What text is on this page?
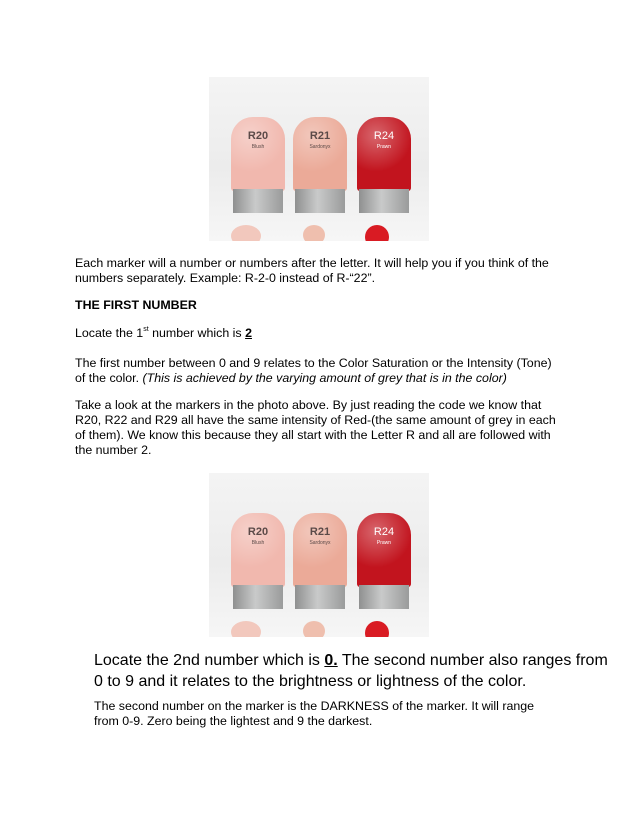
R20
Blush
R21
Sardonyx
R24
Prawn
Each marker will a number or numbers after the letter. It will help you if you think of the
numbers separately. Example: R-2-0 instead of R-“22”.
THE FIRST NUMBER
Locate the 1st number which is 2
The first number between 0 and 9 relates to the Color Saturation or the Intensity (Tone)
of the color. (This is achieved by the varying amount of grey that is in the color)
Take a look at the markers in the photo above. By just reading the code we know that
R20, R22 and R29 all have the same intensity of Red-(the same amount of grey in each
of them). We know this because they all start with the Letter R and all are followed with
the number 2.
R20
Blush
R21
Sardonyx
R24
Prawn
Locate the 2nd number which is 0. The second number also ranges from
0 to 9 and it relates to the brightness or lightness of the color.
The second number on the marker is the DARKNESS of the marker. It will range
from 0-9. Zero being the lightest and 9 the darkest.
